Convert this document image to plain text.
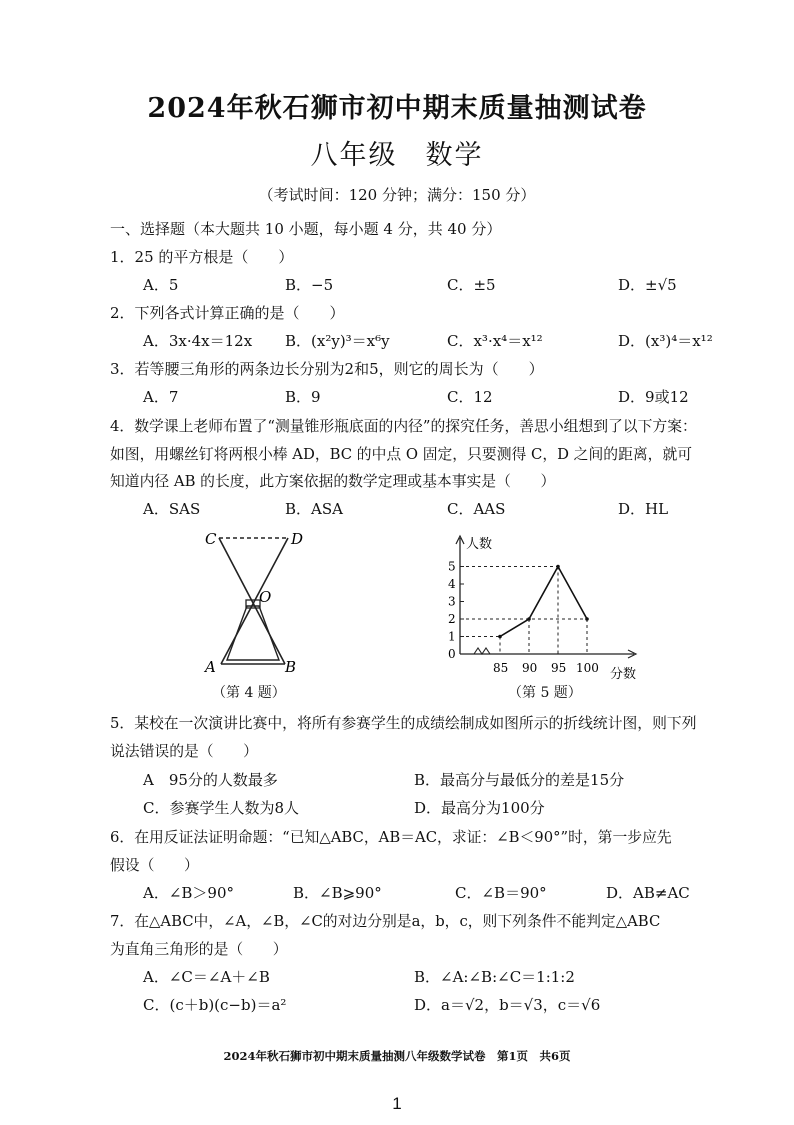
2024年秋石狮市初中期末质量抽测试卷
八年级 数学
（考试时间：120 分钟；满分：150 分）
一、选择题（本大题共 10 小题，每小题 4 分，共 40 分）
1．25 的平方根是（　　）
A．5	B．−5	C．±5	D．±√5
2．下列各式计算正确的是（　　）
A．3x·4x＝12x B．(x²y)³＝x⁶y	C．x³·x⁴＝x¹²	D．(x³)⁴＝x¹²
3．若等腰三角形的两条边长分别为2和5，则它的周长为（　　）
A．7	B．9	C．12	D．9或12
4．数学课上老师布置了“测量锥形瓶底面的内径”的探究任务，善思小组想到了以下方案：
如图，用螺丝钉将两根小棒 AD，BC 的中点 O 固定，只要测得 C，D 之间的距离，就可
知道内径 AB 的长度，此方案依据的数学定理或基本事实是（　　）
A．SAS	B．ASA	C．AAS	D．HL
C	D
O
A	B
（第 4 题）
0
1
2
3
4
5
85 90 95 100
人数
分数
（第 5 题）
5．某校在一次演讲比赛中，将所有参赛学生的成绩绘制成如图所示的折线统计图，则下列
说法错误的是（　　）
A　95分的人数最多	B．最高分与最低分的差是15分
C．参赛学生人数为8人	D．最高分为100分
6．在用反证法证明命题：“已知△ABC，AB＝AC，求证：∠B＜90°”时，第一步应先
假设（　　）
A．∠B＞90°	B．∠B⩾90°	C．∠B＝90°	D．AB≠AC
7．在△ABC中，∠A，∠B，∠C的对边分别是a，b，c，则下列条件不能判定△ABC
为直角三角形的是（　　）
A．∠C＝∠A＋∠B	B．∠A:∠B:∠C＝1:1:2
C．(c＋b)(c−b)＝a²	D．a＝√2，b＝√3，c＝√6
2024年秋石狮市初中期末质量抽测八年级数学试卷　第1页　共6页
1
